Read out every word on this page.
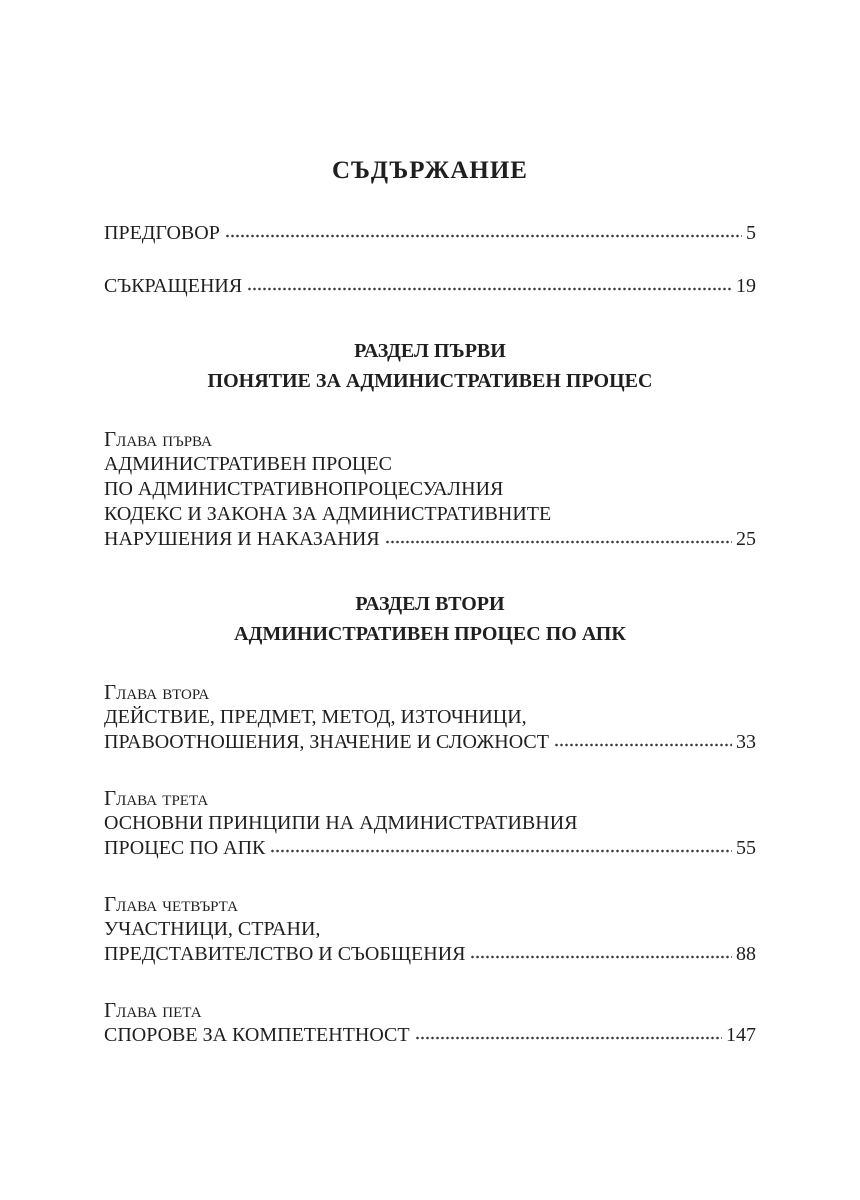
СЪДЪРЖАНИЕ
ПРЕДГОВОР	5
СЪКРАЩЕНИЯ	19
РАЗДЕЛ ПЪРВИ
ПОНЯТИЕ ЗА АДМИНИСТРАТИВЕН ПРОЦЕС
Глава първа
АДМИНИСТРАТИВЕН ПРОЦЕС
ПО АДМИНИСТРАТИВНОПРОЦЕСУАЛНИЯ
КОДЕКС И ЗАКОНА ЗА АДМИНИСТРАТИВНИТЕ
НАРУШЕНИЯ И НАКАЗАНИЯ	25
РАЗДЕЛ ВТОРИ
АДМИНИСТРАТИВЕН ПРОЦЕС ПО АПК
Глава втора
ДЕЙСТВИЕ, ПРЕДМЕТ, МЕТОД, ИЗТОЧНИЦИ,
ПРАВООТНОШЕНИЯ, ЗНАЧЕНИЕ И СЛОЖНОСТ	33
Глава трета
ОСНОВНИ ПРИНЦИПИ НА АДМИНИСТРАТИВНИЯ
ПРОЦЕС ПО АПК	55
Глава четвърта
УЧАСТНИЦИ, СТРАНИ,
ПРЕДСТАВИТЕЛСТВО И СЪОБЩЕНИЯ	88
Глава пета
СПОРОВЕ ЗА КОМПЕТЕНТНОСТ	147
